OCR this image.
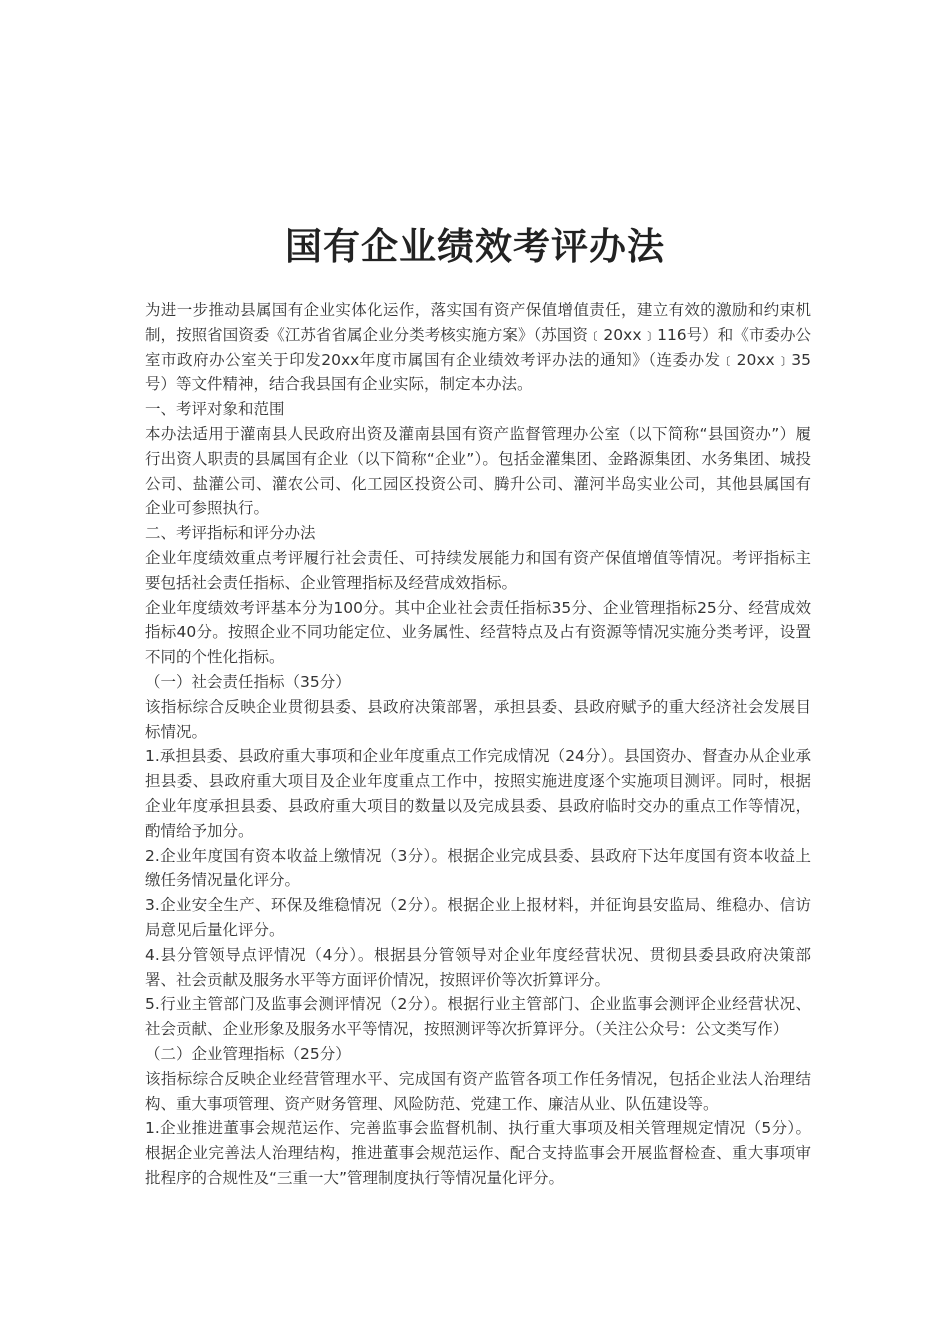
国有企业绩效考评办法

为进一步推动县属国有企业实体化运作，落实国有资产保值增值责任，建立有效的激励和约束机制，按照省国资委《江苏省省属企业分类考核实施方案》（苏国资﹝20xx﹞116号）和《市委办公室市政府办公室关于印发20xx年度市属国有企业绩效考评办法的通知》（连委办发﹝20xx﹞35号）等文件精神，结合我县国有企业实际，制定本办法。

一、考评对象和范围

本办法适用于灌南县人民政府出资及灌南县国有资产监督管理办公室（以下简称“县国资办”）履行出资人职责的县属国有企业（以下简称“企业”）。包括金灌集团、金路源集团、水务集团、城投公司、盐灌公司、灌农公司、化工园区投资公司、腾升公司、灌河半岛实业公司，其他县属国有企业可参照执行。

二、考评指标和评分办法

企业年度绩效重点考评履行社会责任、可持续发展能力和国有资产保值增值等情况。考评指标主要包括社会责任指标、企业管理指标及经营成效指标。

企业年度绩效考评基本分为100分。其中企业社会责任指标35分、企业管理指标25分、经营成效指标40分。按照企业不同功能定位、业务属性、经营特点及占有资源等情况实施分类考评，设置不同的个性化指标。

（一）社会责任指标（35分）

该指标综合反映企业贯彻县委、县政府决策部署，承担县委、县政府赋予的重大经济社会发展目标情况。

1.承担县委、县政府重大事项和企业年度重点工作完成情况（24分）。县国资办、督查办从企业承担县委、县政府重大项目及企业年度重点工作中，按照实施进度逐个实施项目测评。同时，根据企业年度承担县委、县政府重大项目的数量以及完成县委、县政府临时交办的重点工作等情况，酌情给予加分。

2.企业年度国有资本收益上缴情况（3分）。根据企业完成县委、县政府下达年度国有资本收益上缴任务情况量化评分。

3.企业安全生产、环保及维稳情况（2分）。根据企业上报材料，并征询县安监局、维稳办、信访局意见后量化评分。

4.县分管领导点评情况（4分）。根据县分管领导对企业年度经营状况、贯彻县委县政府决策部署、社会贡献及服务水平等方面评价情况，按照评价等次折算评分。

5.行业主管部门及监事会测评情况（2分）。根据行业主管部门、企业监事会测评企业经营状况、社会贡献、企业形象及服务水平等情况，按照测评等次折算评分。（关注公众号：公文类写作）

（二）企业管理指标（25分）

该指标综合反映企业经营管理水平、完成国有资产监管各项工作任务情况，包括企业法人治理结构、重大事项管理、资产财务管理、风险防范、党建工作、廉洁从业、队伍建设等。

1.企业推进董事会规范运作、完善监事会监督机制、执行重大事项及相关管理规定情况（5分）。根据企业完善法人治理结构，推进董事会规范运作、配合支持监事会开展监督检查、重大事项审批程序的合规性及“三重一大”管理制度执行等情况量化评分。
